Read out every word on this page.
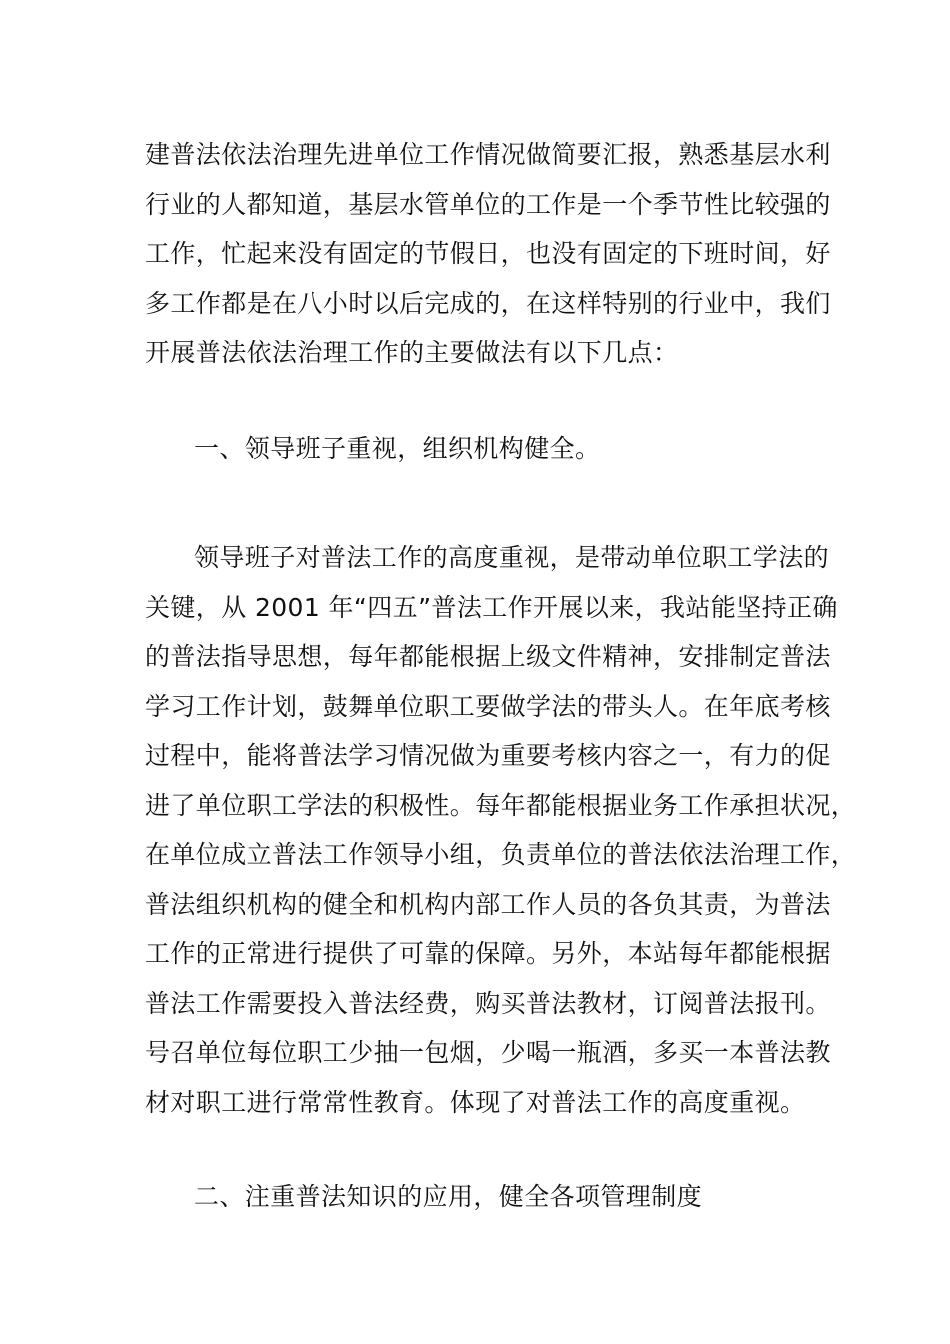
建普法依法治理先进单位工作情况做简要汇报，熟悉基层水利
行业的人都知道，基层水管单位的工作是一个季节性比较强的
工作，忙起来没有固定的节假日，也没有固定的下班时间，好
多工作都是在八小时以后完成的，在这样特别的行业中，我们
开展普法依法治理工作的主要做法有以下几点：
一、领导班子重视，组织机构健全。
领导班子对普法工作的高度重视，是带动单位职工学法的
关键，从 2001 年“四五”普法工作开展以来，我站能坚持正确
的普法指导思想，每年都能根据上级文件精神，安排制定普法
学习工作计划，鼓舞单位职工要做学法的带头人。在年底考核
过程中，能将普法学习情况做为重要考核内容之一，有力的促
进了单位职工学法的积极性。每年都能根据业务工作承担状况，
在单位成立普法工作领导小组，负责单位的普法依法治理工作，
普法组织机构的健全和机构内部工作人员的各负其责，为普法
工作的正常进行提供了可靠的保障。另外，本站每年都能根据
普法工作需要投入普法经费，购买普法教材，订阅普法报刊。
号召单位每位职工少抽一包烟，少喝一瓶酒，多买一本普法教
材对职工进行常常性教育。体现了对普法工作的高度重视。
二、注重普法知识的应用，健全各项管理制度
